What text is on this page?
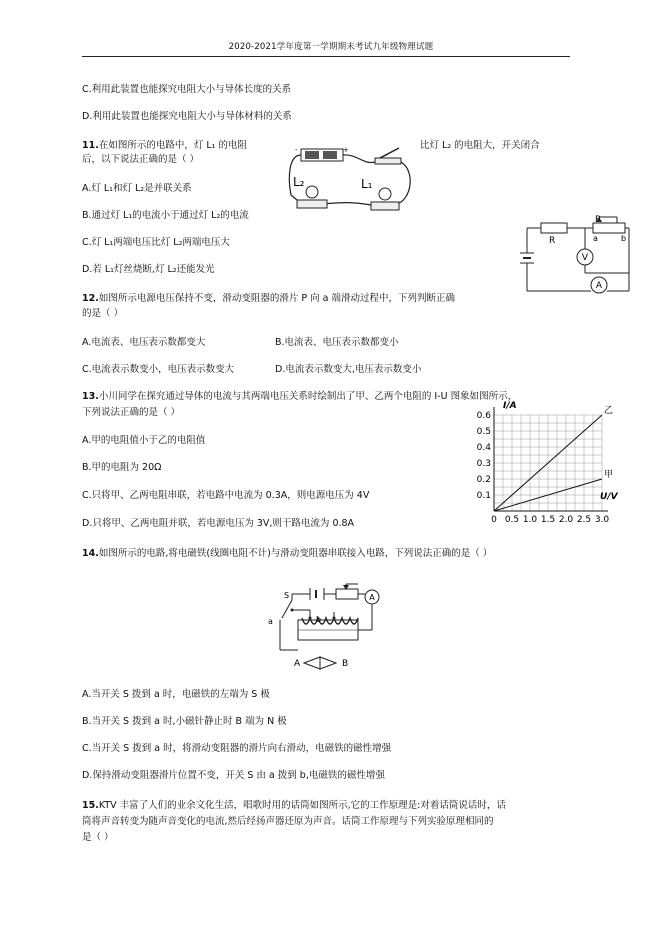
2020-2021学年度第一学期期末考试九年级物理试题
C.利用此装置也能探究电阻大小与导体长度的关系
D.利用此装置也能探究电阻大小与导体材料的关系
11.在如图所示的电路中，灯 L₁ 的电阻	比灯 L₂ 的电阻大，开关闭合
后，以下说法正确的是（ ）
A.灯 L₁和灯 L₂是并联关系
B.通过灯 L₁的电流小于通过灯 L₂的电流
C.灯 L₁两端电压比灯 L₂两端电压大
D.若 L₁灯丝烧断,灯 L₂还能发光
-	+
L₂	L₁
R
P
a	b
V
A
12.如图所示电源电压保持不变，滑动变阻器的滑片 P 向 a 端滑动过程中，下列判断正确
的是（ ）
A.电流表、电压表示数都变大	B.电流表、电压表示数都变小
C.电流表示数变小，电压表示数变大	D.电流表示数变大,电压表示数变小
13.小川同学在探究通过导体的电流与其两端电压关系时绘制出了甲、乙两个电阻的 I-U 图象如图所示，
下列说法正确的是（ ）
A.甲的电阻值小于乙的电阻值
B.甲的电阻为 20Ω
C.只将甲、乙两电阻串联，若电路中电流为 0.3A，则电源电压为 4V
D.只将甲、乙两电阻并联，若电源电压为 3V,则干路电流为 0.8A	0 0.5 1.0 1.5 2.0 2.5 3.0
0.1
0.2
0.3
0.4
0.5
0.6
I/A
U/V
乙
甲
14.如图所示的电路,将电磁铁(线圈电阻不计)与滑动变阻器串联接入电路，下列说法正确的是（ ）
S
a	b
A
A	B
A.当开关 S 拨到 a 时，电磁铁的左端为 S 极
B.当开关 S 拨到 a 时,小磁针静止时 B 端为 N 极
C.当开关 S 拨到 a 时，将滑动变阻器的滑片向右滑动，电磁铁的磁性增强
D.保持滑动变阻器滑片位置不变，开关 S 由 a 拨到 b,电磁铁的磁性增强
15.KTV 丰富了人们的业余文化生活，唱歌时用的话筒如图所示,它的工作原理是:对着话筒说话时，话
筒将声音转变为随声音变化的电流,然后经扬声器还原为声音。话筒工作原理与下列实验原理相同的
是（ ）
